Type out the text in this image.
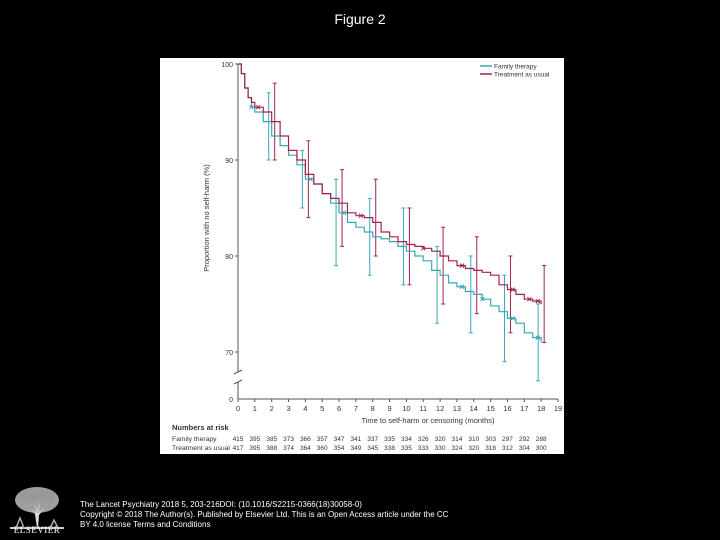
Figure 2
100
90
80
70
0
0 1 2 3 4 5 6 7 8 9 10 11 12 13 14 15 16 17 18 19
Time to self-harm or censoring (months)
Proportion with no self-harm (%)
Family therapy
Treatment as usual
Numbers at risk
Family therapy 415 395 385 373 366 357 347 341 337 335 334 326 320 314 310 303 297 292 288
Treatment as usual 417 395 388 374 364 360 354 349 345 338 335 333 330 324 320 318 312 304 300
ELSEVIER
The Lancet Psychiatry 2018 5, 203-216DOI: (10.1016/S2215-0366(18)30058-0)
Copyright © 2018 The Author(s). Published by Elsevier Ltd. This is an Open Access article under the CC
BY 4.0 license Terms and Conditions
